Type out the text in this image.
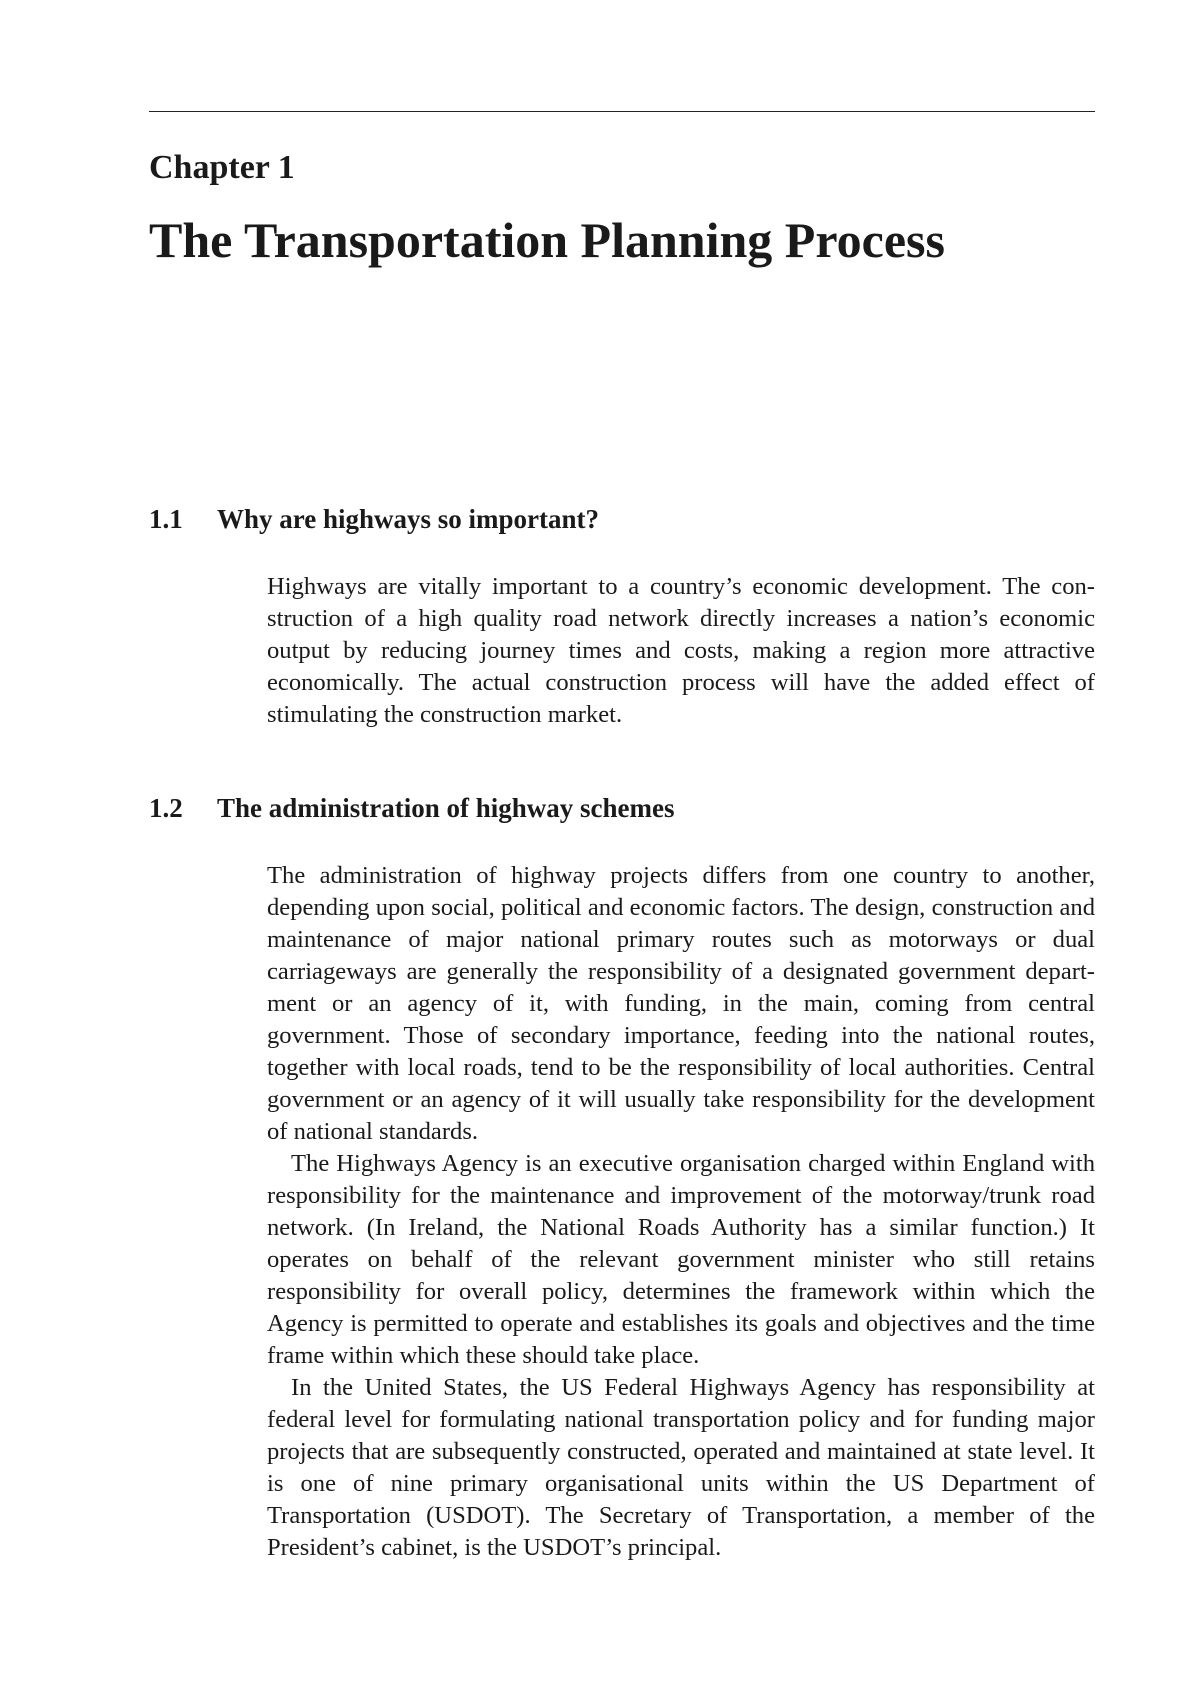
Chapter 1
The Transportation Planning Process
1.1 Why are highways so important?

Highways are vitally important to a country’s economic development. The construction of a high quality road network directly increases a nation’s economic output by reducing journey times and costs, making a region more attractive economically. The actual construction process will have the added effect of stimulating the construction market.

1.2 The administration of highway schemes

The administration of highway projects differs from one country to another, depending upon social, political and economic factors. The design, construction and maintenance of major national primary routes such as motorways or dual carriageways are generally the responsibility of a designated government department or an agency of it, with funding, in the main, coming from central government. Those of secondary importance, feeding into the national routes, together with local roads, tend to be the responsibility of local authorities. Central government or an agency of it will usually take responsibility for the development of national standards.

The Highways Agency is an executive organisation charged within England with responsibility for the maintenance and improvement of the motorway/trunk road network. (In Ireland, the National Roads Authority has a similar function.) It operates on behalf of the relevant government minister who still retains responsibility for overall policy, determines the framework within which the Agency is permitted to operate and establishes its goals and objectives and the time frame within which these should take place.

In the United States, the US Federal Highways Agency has responsibility at federal level for formulating national transportation policy and for funding major projects that are subsequently constructed, operated and maintained at state level. It is one of nine primary organisational units within the US Department of Transportation (USDOT). The Secretary of Transportation, a member of the President’s cabinet, is the USDOT’s principal.
